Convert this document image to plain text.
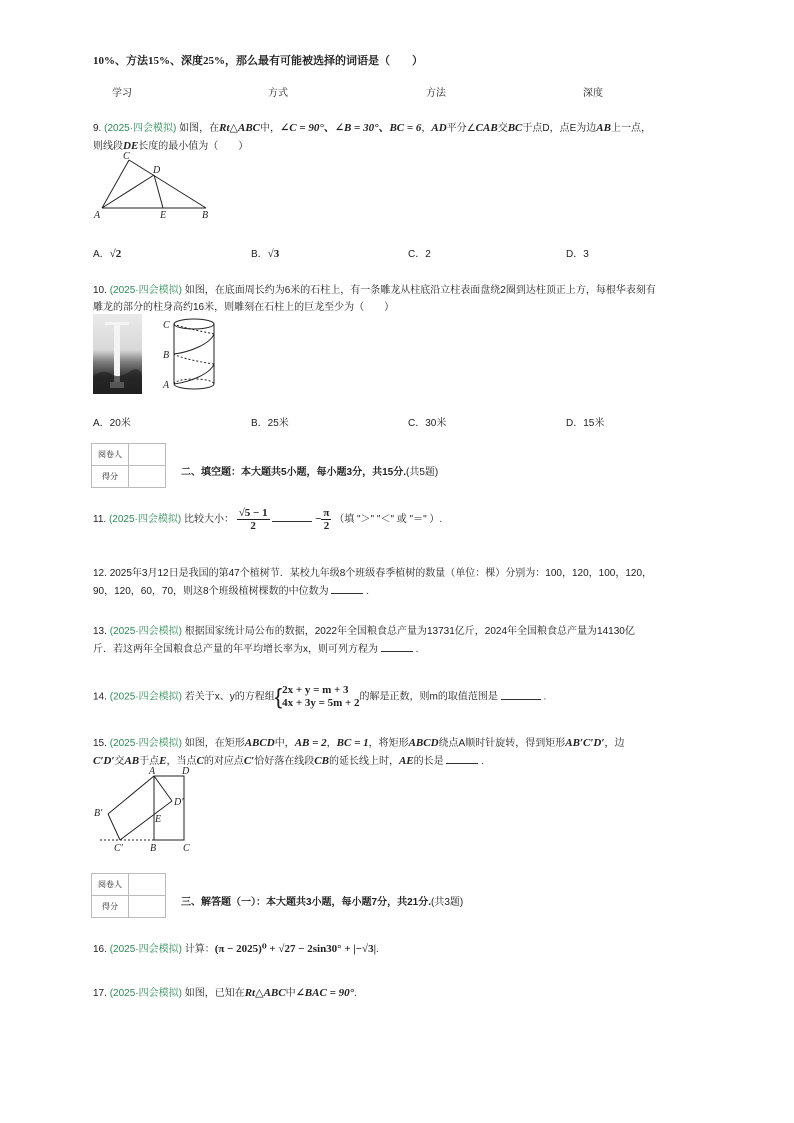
10%、方法15%、深度25%，那么最有可能被选择的词语是（　　）
学习	方式	方法	深度
9. (2025·四会模拟) 如图，在Rt△ABC中，∠C = 90°、∠B = 30°、BC = 6，AD平分∠CAB交BC于点D，点E为边AB上一点，
则线段DE长度的最小值为（　　）
C
D
A	E	B
A．√2	B．√3	C．2	D．3
10. (2025·四会模拟) 如图，在底面周长约为6米的石柱上，有一条雕龙从柱底沿立柱表面盘绕2圈到达柱顶正上方，每根华表刻有
雕龙的部分的柱身高约16米，则雕刻在石柱上的巨龙至少为（　　）
C
B
A
A．20米	B．25米	C．30米	D．15米
阅卷人	
得分		二、填空题：本大题共5小题，每小题3分，共15分.(共5题)
11. (2025·四会模拟) 比较大小： $\frac{√5 - 1}{2}$	− $\frac{\pi}{2}$ （填 "＞" "＜" 或 "＝" ）.
12. 2025年3月12日是我国的第47个植树节．某校九年级8个班级春季植树的数量（单位：棵）分别为：100，120，100，120，
90，120，60，70，则这8个班级植树棵数的中位数为	.
13. (2025·四会模拟) 根据国家统计局公布的数据，2022年全国粮食总产量为13731亿斤，2024年全国粮食总产量为14130亿
斤．若这两年全国粮食总产量的年平均增长率为x，则可列方程为	.
14. (2025·四会模拟) 若关于x、y的方程组{ 2x + y = m + 3
4x + 3y = 5m + 2 的解是正数，则m的取值范围是	.
15. (2025·四会模拟) 如图，在矩形ABCD中，AB = 2，BC = 1，将矩形ABCD绕点A顺时针旋转，得到矩形AB′C′D′，边
C′D′交AB于点E，当点C的对应点C′恰好落在线段CB的延长线上时，AE的长是	.
A	D
D′
B′
E
C′	B	C
阅卷人	
得分		三、解答题（一）：本大题共3小题，每小题7分，共21分.(共3题)
16. (2025·四会模拟) 计算：(π − 2025)⁰ + √27 − 2sin30° + |−√3|.
17. (2025·四会模拟) 如图，已知在Rt△ABC中∠BAC = 90°.
